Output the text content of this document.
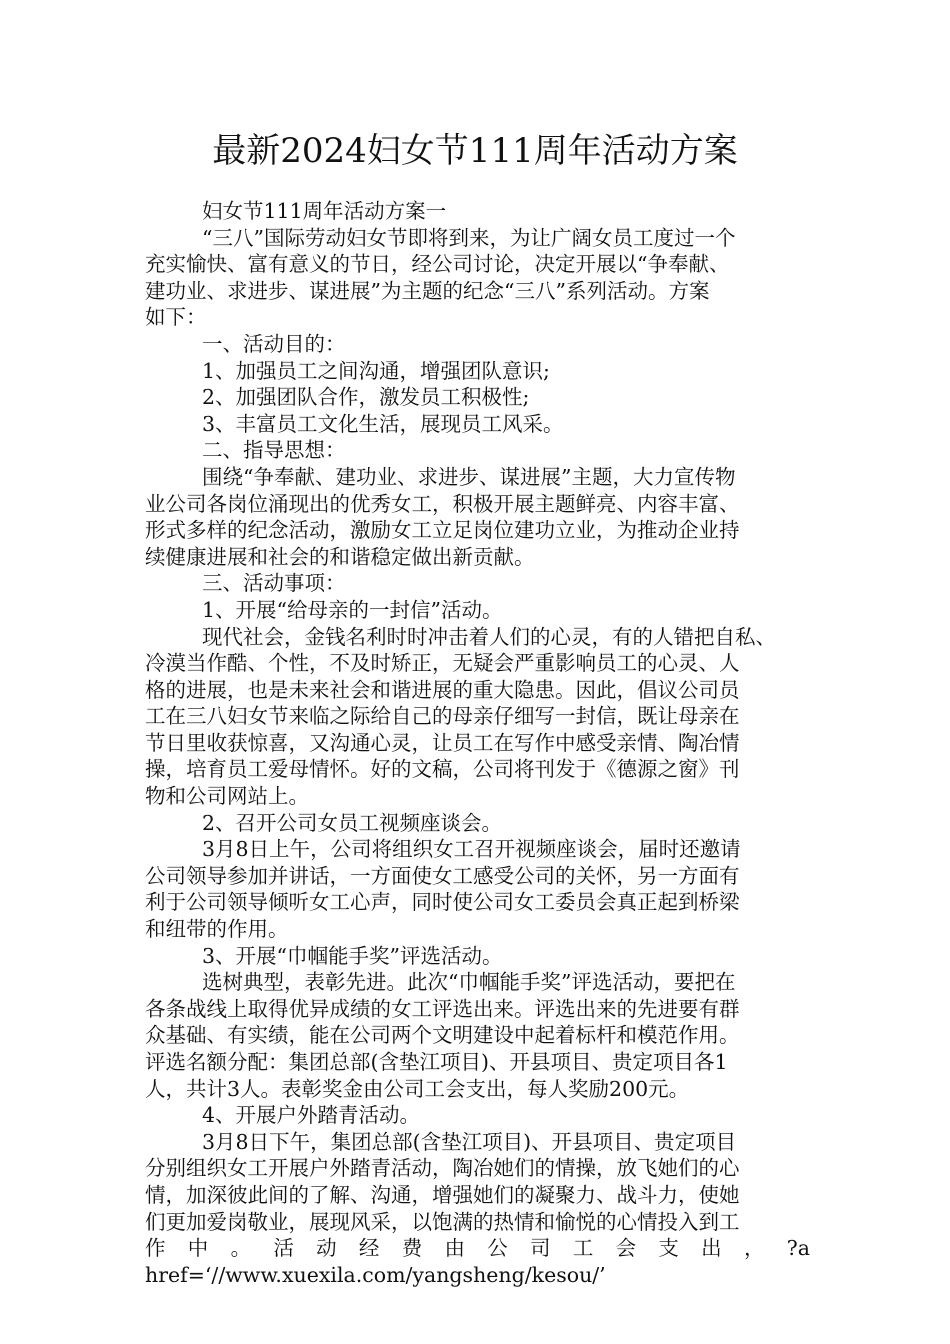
最新2024妇女节111周年活动方案
妇女节111周年活动方案一
“三八”国际劳动妇女节即将到来，为让广阔女员工度过一个
充实愉快、富有意义的节日，经公司讨论，决定开展以“争奉献、
建功业、求进步、谋进展”为主题的纪念“三八”系列活动。方案
如下：
一、活动目的：
1、加强员工之间沟通，增强团队意识;
2、加强团队合作，激发员工积极性;
3、丰富员工文化生活，展现员工风采。
二、指导思想：
围绕“争奉献、建功业、求进步、谋进展”主题，大力宣传物
业公司各岗位涌现出的优秀女工，积极开展主题鲜亮、内容丰富、
形式多样的纪念活动，激励女工立足岗位建功立业，为推动企业持
续健康进展和社会的和谐稳定做出新贡献。
三、活动事项：
1、开展“给母亲的一封信”活动。
现代社会，金钱名利时时冲击着人们的心灵，有的人错把自私、
冷漠当作酷、个性，不及时矫正，无疑会严重影响员工的心灵、人
格的进展，也是未来社会和谐进展的重大隐患。因此，倡议公司员
工在三八妇女节来临之际给自己的母亲仔细写一封信，既让母亲在
节日里收获惊喜，又沟通心灵，让员工在写作中感受亲情、陶冶情
操，培育员工爱母情怀。好的文稿，公司将刊发于《德源之窗》刊
物和公司网站上。
2、召开公司女员工视频座谈会。
3月8日上午，公司将组织女工召开视频座谈会，届时还邀请
公司领导参加并讲话，一方面使女工感受公司的关怀，另一方面有
利于公司领导倾听女工心声，同时使公司女工委员会真正起到桥梁
和纽带的作用。
3、开展“巾帼能手奖”评选活动。
选树典型，表彰先进。此次“巾帼能手奖”评选活动，要把在
各条战线上取得优异成绩的女工评选出来。评选出来的先进要有群
众基础、有实绩，能在公司两个文明建设中起着标杆和模范作用。
评选名额分配：集团总部(含垫江项目)、开县项目、贵定项目各1
人，共计3人。表彰奖金由公司工会支出，每人奖励200元。
4、开展户外踏青活动。
3月8日下午，集团总部(含垫江项目)、开县项目、贵定项目
分别组织女工开展户外踏青活动，陶冶她们的情操，放飞她们的心
情，加深彼此间的了解、沟通，增强她们的凝聚力、战斗力，使她
们更加爱岗敬业，展现风采，以饱满的热情和愉悦的心情投入到工
作 中 。 活 动 经 费 由 公 司 工 会 支 出 ， ?a
href=‘//www.xuexila.com/yangsheng/kesou/’
